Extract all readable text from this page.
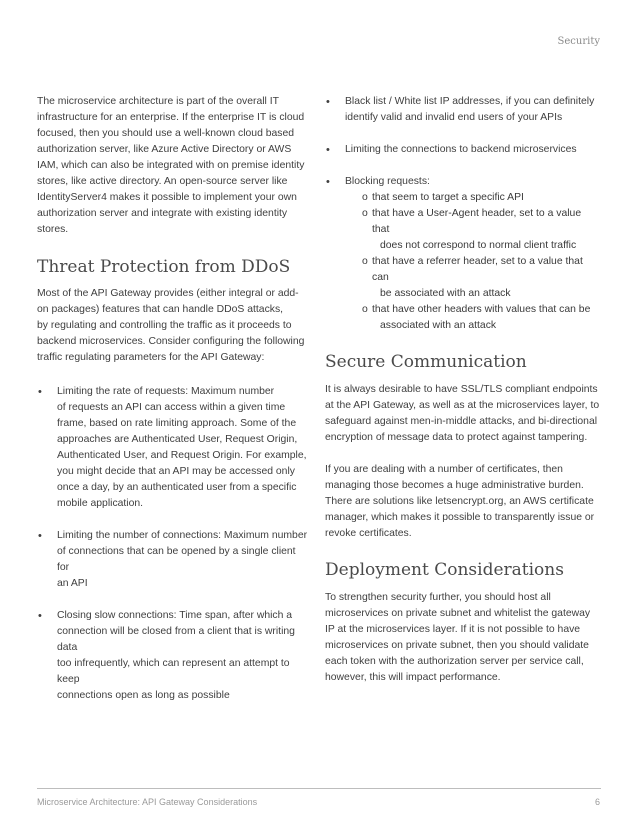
Security

The microservice architecture is part of the overall IT
infrastructure for an enterprise. If the enterprise IT is cloud
focused, then you should use a well-known cloud based
authorization server, like Azure Active Directory or AWS
IAM, which can also be integrated with on premise identity
stores, like active directory. An open-source server like
IdentityServer4 makes it possible to implement your own
authorization server and integrate with existing identity stores.

Threat Protection from DDoS

Most of the API Gateway provides (either integral or add-
on packages) features that can handle DDoS attacks,
by regulating and controlling the traffic as it proceeds to
backend microservices. Consider configuring the following
traffic regulating parameters for the API Gateway:

• Limiting the rate of requests: Maximum number
of requests an API can access within a given time
frame, based on rate limiting approach. Some of the
approaches are Authenticated User, Request Origin,
Authenticated User, and Request Origin. For example,
you might decide that an API may be accessed only
once a day, by an authenticated user from a specific
mobile application.
• Limiting the number of connections: Maximum number
of connections that can be opened by a single client for
an API
• Closing slow connections: Time span, after which a
connection will be closed from a client that is writing data
too infrequently, which can represent an attempt to keep
connections open as long as possible
• Black list / White list IP addresses, if you can definitely
identify valid and invalid end users of your APIs
• Limiting the connections to backend microservices
• Blocking requests:
o that seem to target a specific API
o that have a User-Agent header, set to a value that
does not correspond to normal client traffic
o that have a referrer header, set to a value that can
be associated with an attack
o that have other headers with values that can be
associated with an attack
Secure Communication

It is always desirable to have SSL/TLS compliant endpoints
at the API Gateway, as well as at the microservices layer, to
safeguard against men-in-middle attacks, and bi-directional
encryption of message data to protect against tampering.

If you are dealing with a number of certificates, then
managing those becomes a huge administrative burden.
There are solutions like letsencrypt.org, an AWS certificate
manager, which makes it possible to transparently issue or
revoke certificates.

Deployment Considerations

To strengthen security further, you should host all
microservices on private subnet and whitelist the gateway
IP at the microservices layer. If it is not possible to have
microservices on private subnet, then you should validate
each token with the authorization server per service call,
however, this will impact performance.

Microservice Architecture: API Gateway Considerations	6
